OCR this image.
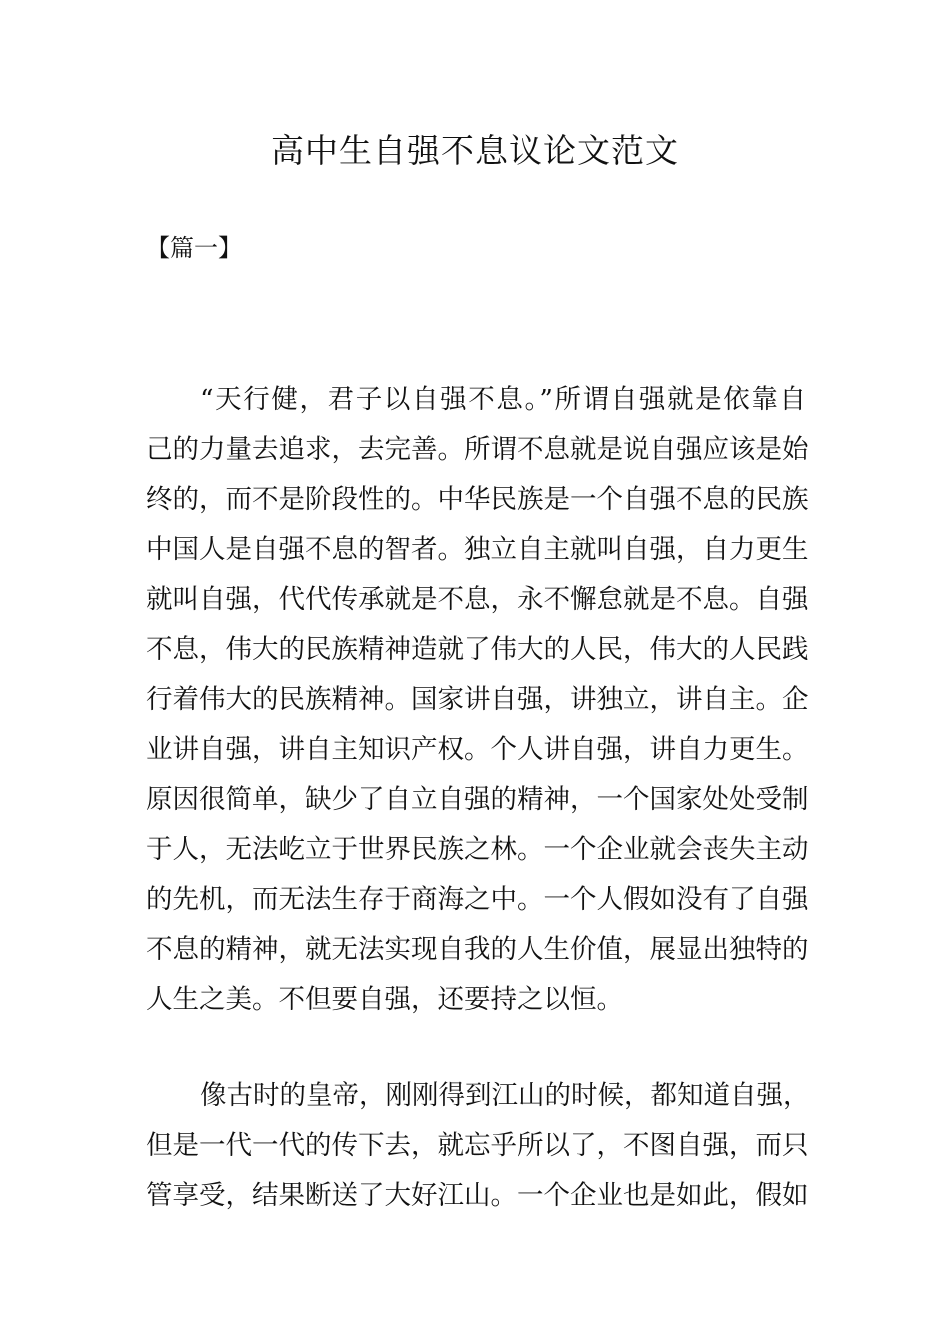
高中生自强不息议论文范文
【篇一】
“天行健，君子以自强不息。”所谓自强就是依靠自
己的力量去追求，去完善。所谓不息就是说自强应该是始
终的，而不是阶段性的。中华民族是一个自强不息的民族
中国人是自强不息的智者。独立自主就叫自强，自力更生
就叫自强，代代传承就是不息，永不懈怠就是不息。自强
不息，伟大的民族精神造就了伟大的人民，伟大的人民践
行着伟大的民族精神。国家讲自强，讲独立，讲自主。企
业讲自强，讲自主知识产权。个人讲自强，讲自力更生。
原因很简单，缺少了自立自强的精神，一个国家处处受制
于人，无法屹立于世界民族之林。一个企业就会丧失主动
的先机，而无法生存于商海之中。一个人假如没有了自强
不息的精神，就无法实现自我的人生价值，展显出独特的
人生之美。不但要自强，还要持之以恒。
像古时的皇帝，刚刚得到江山的时候，都知道自强，
但是一代一代的传下去，就忘乎所以了，不图自强，而只
管享受，结果断送了大好江山。一个企业也是如此，假如
